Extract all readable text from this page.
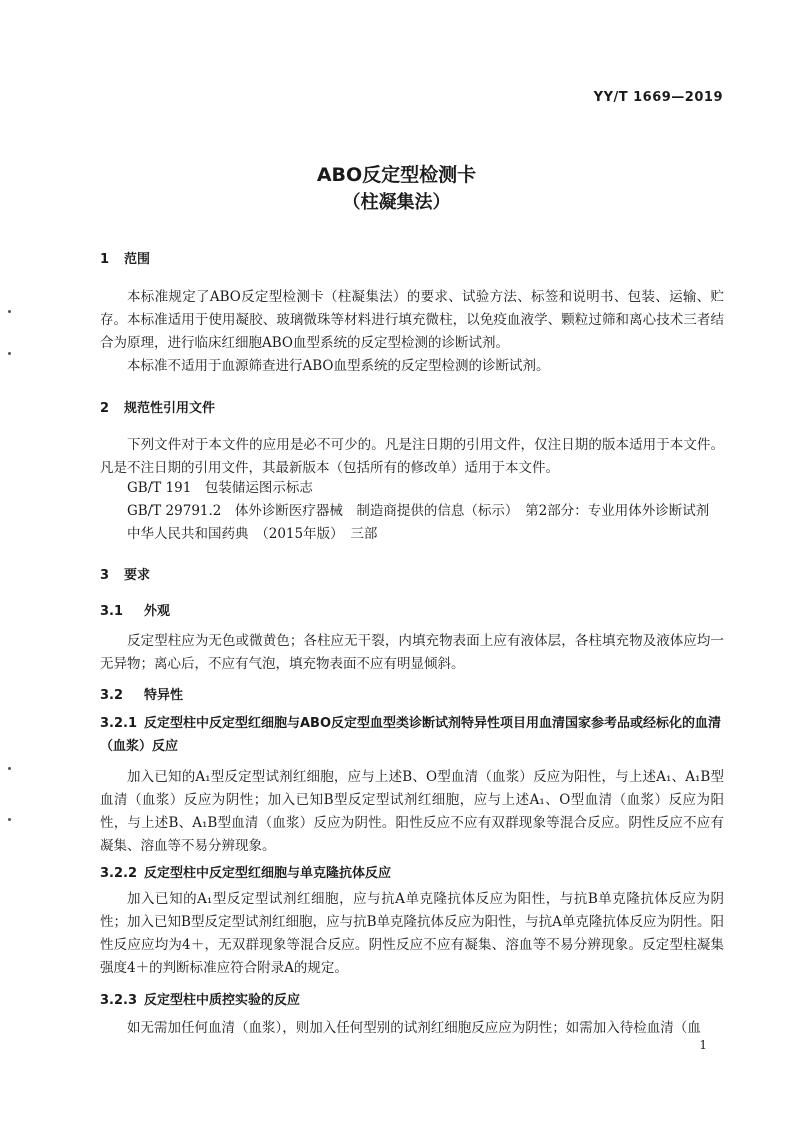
YY/T 1669—2019
ABO反定型检测卡
（柱凝集法）
1 范围
本标准规定了ABO反定型检测卡（柱凝集法）的要求、试验方法、标签和说明书、包装、运输、贮存。 本标准适用于使用凝胶、玻璃微珠等材料进行填充微柱，以免疫血液学、颗粒过筛和离心技术三者结合为原理，进行临床红细胞ABO血型系统的反定型检测的诊断试剂。
本标准不适用于血源筛查进行ABO血型系统的反定型检测的诊断试剂。
2 规范性引用文件
下列文件对于本文件的应用是必不可少的。凡是注日期的引用文件，仅注日期的版本适用于本文件。凡是不注日期的引用文件，其最新版本（包括所有的修改单）适用于本文件。
GB/T 191　包装储运图示标志
GB/T 29791.2　体外诊断医疗器械　制造商提供的信息（标示）　第2部分：专业用体外诊断试剂
中华人民共和国药典　（2015年版）　三部
3 要求
3.1 外观
反定型柱应为无色或微黄色；各柱应无干裂，内填充物表面上应有液体层，各柱填充物及液体应均一无异物；离心后，不应有气泡，填充物表面不应有明显倾斜。
3.2 特异性
3.2.1 反定型柱中反定型红细胞与ABO反定型血型类诊断试剂特异性项目用血清国家参考品或经标化的血清（血浆）反应
加入已知的A₁型反定型试剂红细胞，应与上述B、O型血清（血浆）反应为阳性，与上述A₁、A₁B型血清（血浆）反应为阴性；加入已知B型反定型试剂红细胞，应与上述A₁、O型血清（血浆）反应为阳性，与上述B、A₁B型血清（血浆）反应为阴性。阳性反应不应有双群现象等混合反应。阴性反应不应有凝集、溶血等不易分辨现象。
3.2.2 反定型柱中反定型红细胞与单克隆抗体反应
加入已知的A₁型反定型试剂红细胞，应与抗A单克隆抗体反应为阳性，与抗B单克隆抗体反应为阴性；加入已知B型反定型试剂红细胞，应与抗B单克隆抗体反应为阳性，与抗A单克隆抗体反应为阴性。阳性反应应均为4＋，无双群现象等混合反应。阴性反应不应有凝集、溶血等不易分辨现象。反定型柱凝集强度4＋的判断标准应符合附录A的规定。
3.2.3 反定型柱中质控实验的反应
如无需加任何血清（血浆），则加入任何型别的试剂红细胞反应应为阴性；如需加入待检血清（血
1
